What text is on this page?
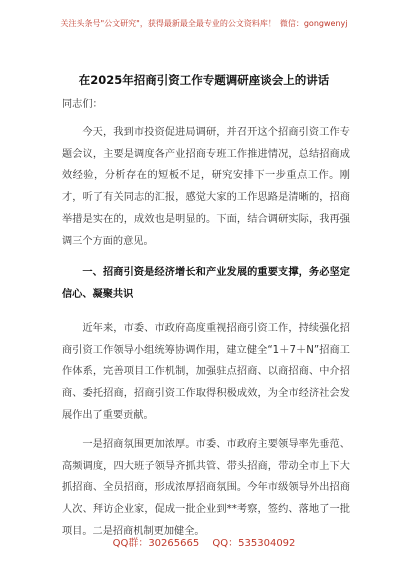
关注头条号"公文研究"，获得最新最全最专业的公文资料库！ 微信：gongwenyj
在2025年招商引资工作专题调研座谈会上的讲话
同志们：
今天，我到市投资促进局调研，并召开这个招商引资工作专题会议，主要是调度各产业招商专班工作推进情况，总结招商成效经验，分析存在的短板不足，研究安排下一步重点工作。刚才，听了有关同志的汇报，感觉大家的工作思路是清晰的，招商举措是实在的，成效也是明显的。下面，结合调研实际，我再强调三个方面的意见。
一、招商引资是经济增长和产业发展的重要支撑，务必坚定信心、凝聚共识
近年来，市委、市政府高度重视招商引资工作，持续强化招商引资工作领导小组统筹协调作用，建立健全“1＋7＋N”招商工作体系，完善项目工作机制，加强驻点招商、以商招商、中介招商、委托招商，招商引资工作取得积极成效，为全市经济社会发展作出了重要贡献。
一是招商氛围更加浓厚。市委、市政府主要领导率先垂范、高频调度，四大班子领导齐抓共管、带头招商，带动全市上下大抓招商、全员招商，形成浓厚招商氛围。今年市级领导外出招商人次、拜访企业家，促成一批企业到**考察，签约、落地了一批项目。二是招商机制更加健全。
QQ群：30265665 QQ：535304092
